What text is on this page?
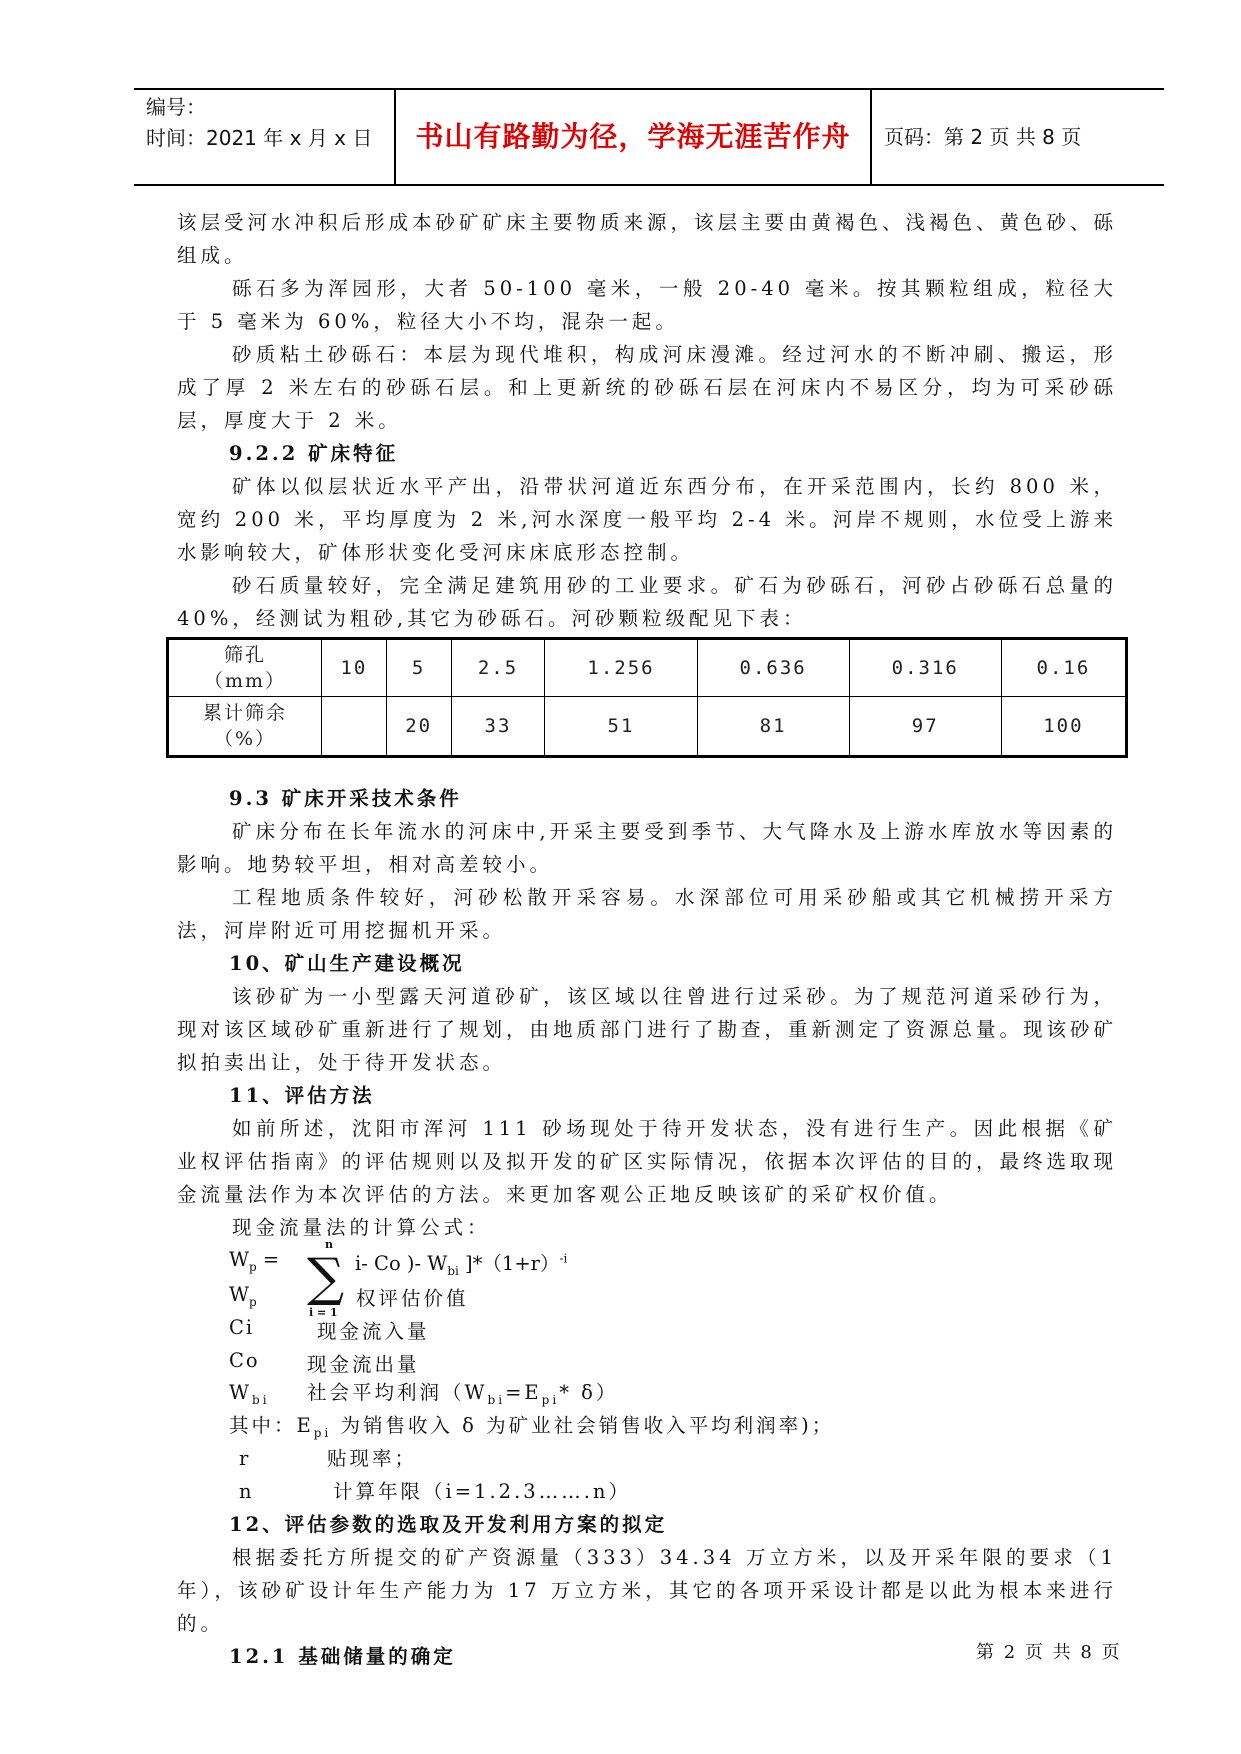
编号：
时间：2021 年 x 月 x 日	书山有路勤为径，学海无涯苦作舟	页码：第 2 页 共 8 页

该层受河水冲积后形成本砂矿矿床主要物质来源，该层主要由黄褐色、浅褐色、黄色砂、砾组成。

砾石多为浑园形，大者 50-100 毫米，一般 20-40 毫米。按其颗粒组成，粒径大于 5 毫米为 60%，粒径大小不均，混杂一起。

砂质粘土砂砾石：本层为现代堆积，构成河床漫滩。经过河水的不断冲刷、搬运，形成了厚 2 米左右的砂砾石层。和上更新统的砂砾石层在河床内不易区分，均为可采砂砾层，厚度大于 2 米。

9.2.2 矿床特征

矿体以似层状近水平产出，沿带状河道近东西分布，在开采范围内，长约 800 米，宽约 200 米，平均厚度为 2 米,河水深度一般平均 2-4 米。河岸不规则，水位受上游来水影响较大，矿体形状变化受河床床底形态控制。

砂石质量较好，完全满足建筑用砂的工业要求。矿石为砂砾石，河砂占砂砾石总量的 40%，经测试为粗砂,其它为砂砾石。河砂颗粒级配见下表：

筛孔
（mm）	10	5	2.5	1.256	0.636	0.316	0.16
累计筛余
（%）		20	33	51	81	97	100

9.3 矿床开采技术条件

矿床分布在长年流水的河床中,开采主要受到季节、大气降水及上游水库放水等因素的影响。地势较平坦，相对高差较小。

工程地质条件较好，河砂松散开采容易。水深部位可用采砂船或其它机械捞开采方法，河岸附近可用挖掘机开采。

10、矿山生产建设概况

该砂矿为一小型露天河道砂矿，该区域以往曾进行过采砂。为了规范河道采砂行为，现对该区域砂矿重新进行了规划，由地质部门进行了勘查，重新测定了资源总量。现该砂矿拟拍卖出让，处于待开发状态。

11、评估方法

如前所述，沈阳市浑河 111 砂场现处于待开发状态，没有进行生产。因此根据《矿业权评估指南》的评估规则以及拟开发的矿区实际情况，依据本次评估的目的，最终选取现金流量法作为本次评估的方法。来更加客观公正地反映该矿的采矿权价值。

现金流量法的计算公式：

$W_p$ =
n
∑
i = 1
i- Co )- $W_{bi}$ ]$*(1+r)^{-i}$
$W_p$	权评估价值
Ci	现金流入量
Co 现金流出量
$W_{bi}$ 社会平均利润（$W_{bi}=E_{pi}*$ δ）
其中：$E_{pi}$ 为销售收入 δ 为矿业社会销售收入平均利润率)；
r	贴现率；
n	计算年限（i=1.2.3…….n）

12、评估参数的选取及开发利用方案的拟定

根据委托方所提交的矿产资源量（333）34.34 万立方米，以及开采年限的要求（1 年），该砂矿设计年生产能力为 17 万立方米，其它的各项开采设计都是以此为根本来进行的。

12.1 基础储量的确定	第 2 页 共 8 页
